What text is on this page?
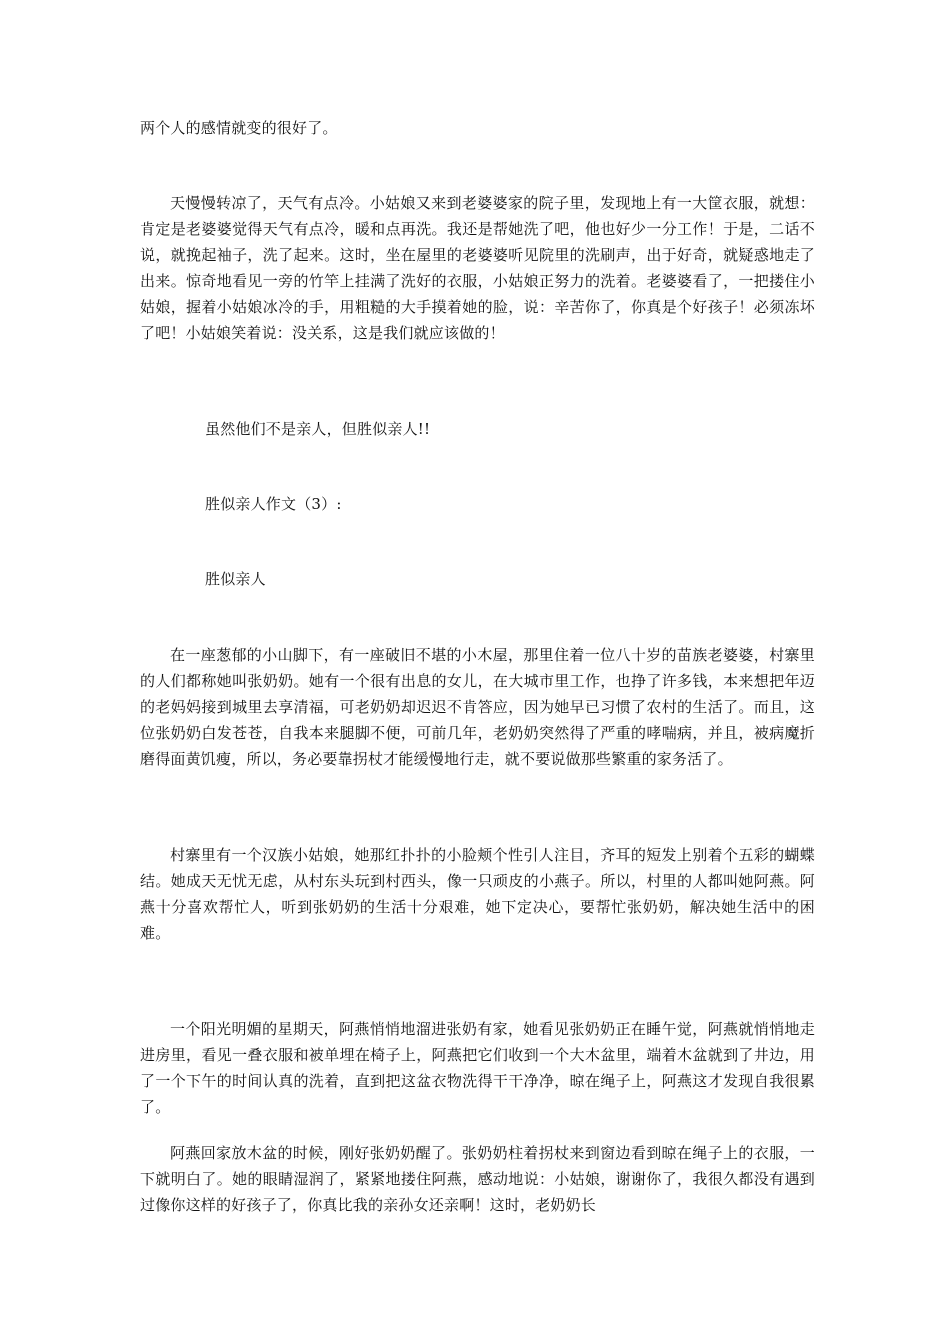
两个人的感情就变的很好了。

天慢慢转凉了，天气有点冷。小姑娘又来到老婆婆家的院子里，发现地上有一大筐衣服，就想：肯定是老婆婆觉得天气有点冷，暖和点再洗。我还是帮她洗了吧，他也好少一分工作！于是，二话不说，就挽起袖子，洗了起来。这时，坐在屋里的老婆婆听见院里的洗刷声，出于好奇，就疑惑地走了出来。惊奇地看见一旁的竹竿上挂满了洗好的衣服，小姑娘正努力的洗着。老婆婆看了，一把搂住小姑娘，握着小姑娘冰冷的手，用粗糙的大手摸着她的脸，说：辛苦你了，你真是个好孩子！必须冻坏了吧！小姑娘笑着说：没关系，这是我们就应该做的！

虽然他们不是亲人，但胜似亲人!!

胜似亲人作文（3）:

胜似亲人

在一座葱郁的小山脚下，有一座破旧不堪的小木屋，那里住着一位八十岁的苗族老婆婆，村寨里的人们都称她叫张奶奶。她有一个很有出息的女儿，在大城市里工作，也挣了许多钱，本来想把年迈的老妈妈接到城里去享清福，可老奶奶却迟迟不肯答应，因为她早已习惯了农村的生活了。而且，这位张奶奶白发苍苍，自我本来腿脚不便，可前几年，老奶奶突然得了严重的哮喘病，并且，被病魔折磨得面黄饥瘦，所以，务必要靠拐杖才能缓慢地行走，就不要说做那些繁重的家务活了。

村寨里有一个汉族小姑娘，她那红扑扑的小脸颊个性引人注目，齐耳的短发上别着个五彩的蝴蝶结。她成天无忧无虑，从村东头玩到村西头，像一只顽皮的小燕子。所以，村里的人都叫她阿燕。阿燕十分喜欢帮忙人，听到张奶奶的生活十分艰难，她下定决心，要帮忙张奶奶，解决她生活中的困难。

一个阳光明媚的星期天，阿燕悄悄地溜进张奶有家，她看见张奶奶正在睡午觉，阿燕就悄悄地走进房里，看见一叠衣服和被单埋在椅子上，阿燕把它们收到一个大木盆里，端着木盆就到了井边，用了一个下午的时间认真的洗着，直到把这盆衣物洗得干干净净，晾在绳子上，阿燕这才发现自我很累了。

阿燕回家放木盆的时候，刚好张奶奶醒了。张奶奶柱着拐杖来到窗边看到晾在绳子上的衣服，一下就明白了。她的眼睛湿润了，紧紧地搂住阿燕，感动地说：小姑娘，谢谢你了，我很久都没有遇到过像你这样的好孩子了，你真比我的亲孙女还亲啊！这时，老奶奶长
